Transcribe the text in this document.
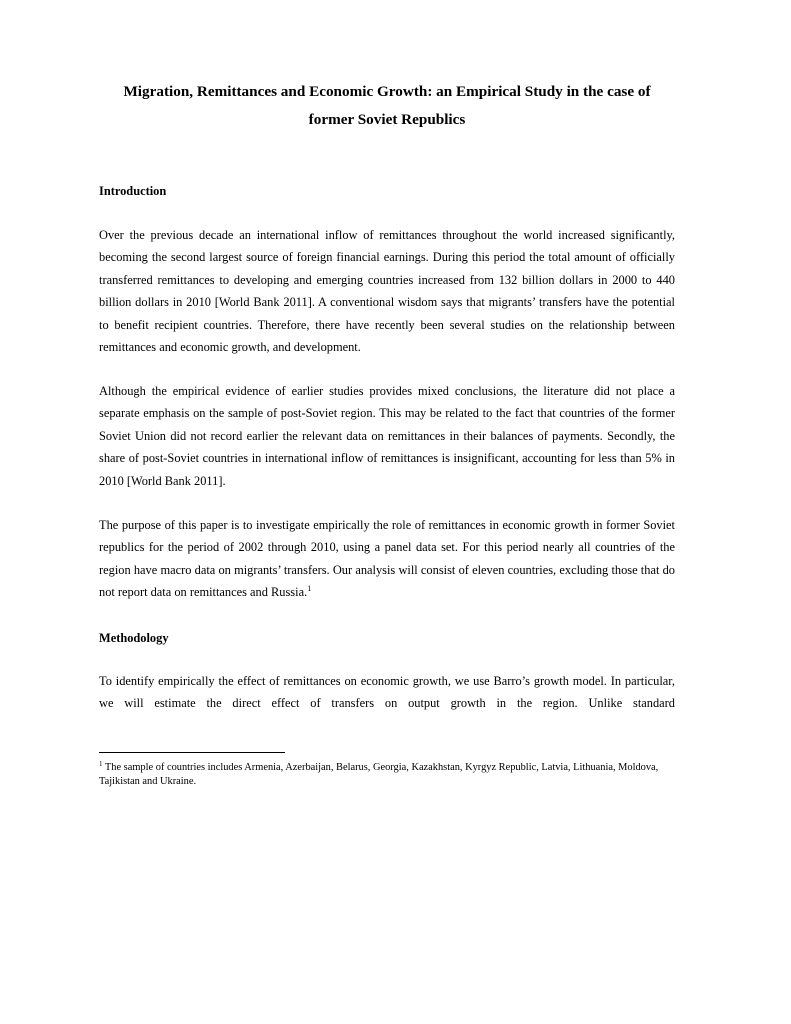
Migration, Remittances and Economic Growth: an Empirical Study in the case of
former Soviet Republics
Introduction
Over the previous decade an international inflow of remittances throughout the world increased significantly, becoming the second largest source of foreign financial earnings. During this period the total amount of officially transferred remittances to developing and emerging countries increased from 132 billion dollars in 2000 to 440 billion dollars in 2010 [World Bank 2011]. A conventional wisdom says that migrants’ transfers have the potential to benefit recipient countries. Therefore, there have recently been several studies on the relationship between remittances and economic growth, and development.
Although the empirical evidence of earlier studies provides mixed conclusions, the literature did not place a separate emphasis on the sample of post-Soviet region. This may be related to the fact that countries of the former Soviet Union did not record earlier the relevant data on remittances in their balances of payments. Secondly, the share of post-Soviet countries in international inflow of remittances is insignificant, accounting for less than 5% in 2010 [World Bank 2011].
The purpose of this paper is to investigate empirically the role of remittances in economic growth in former Soviet republics for the period of 2002 through 2010, using a panel data set. For this period nearly all countries of the region have macro data on migrants’ transfers. Our analysis will consist of eleven countries, excluding those that do not report data on remittances and Russia.$^1$
Methodology
To identify empirically the effect of remittances on economic growth, we use Barro’s growth model. In particular, we will estimate the direct effect of transfers on output growth in the region. Unlike standard
$^1$ The sample of countries includes Armenia, Azerbaijan, Belarus, Georgia, Kazakhstan, Kyrgyz Republic, Latvia, Lithuania, Moldova, Tajikistan and Ukraine.
